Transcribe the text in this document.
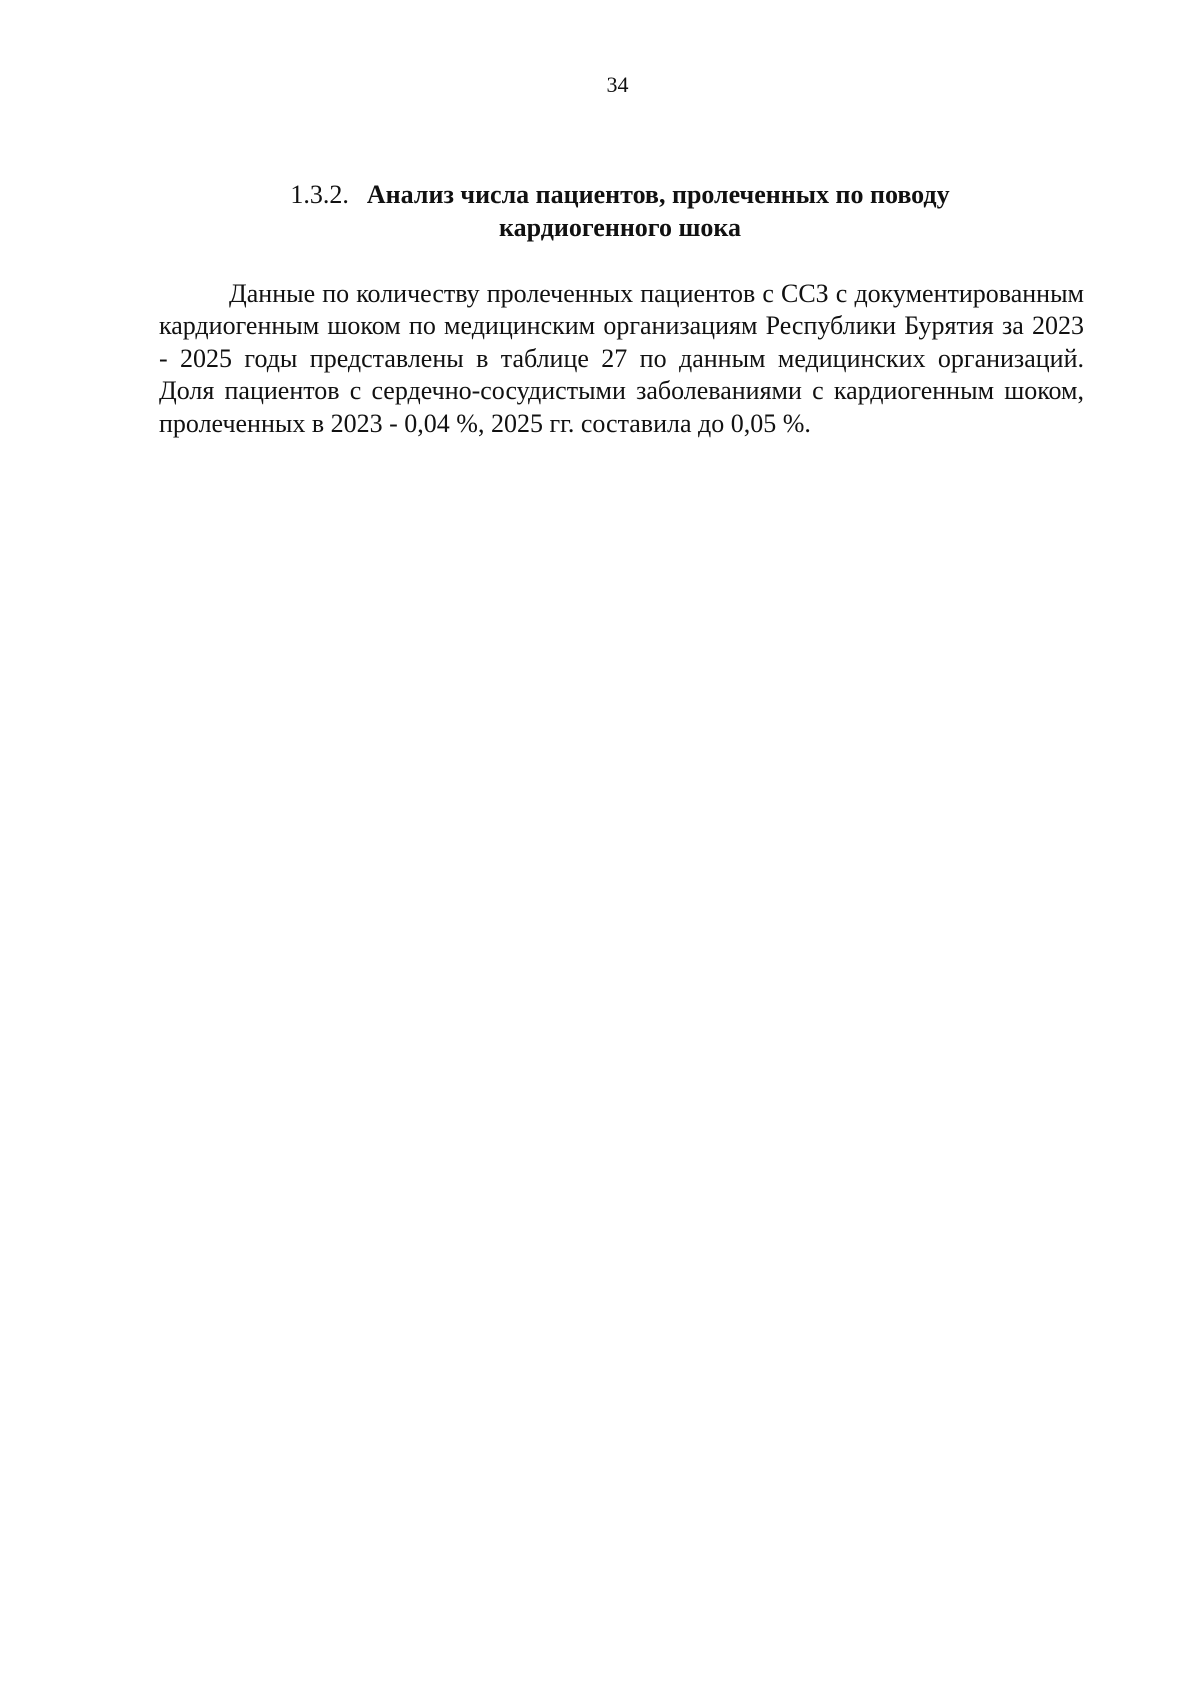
34
1.3.2. Анализ числа пациентов, пролеченных по поводу
кардиогенного шока

Данные по количеству пролеченных пациентов с ССЗ с документированным кардиогенным шоком по медицинским организациям Республики Бурятия за 2023 - 2025 годы представлены в таблице 27 по данным медицинских организаций. Доля пациентов с сердечно-сосудистыми заболеваниями с кардиогенным шоком, пролеченных в 2023 - 0,04 %, 2025 гг. составила до 0,05 %.
